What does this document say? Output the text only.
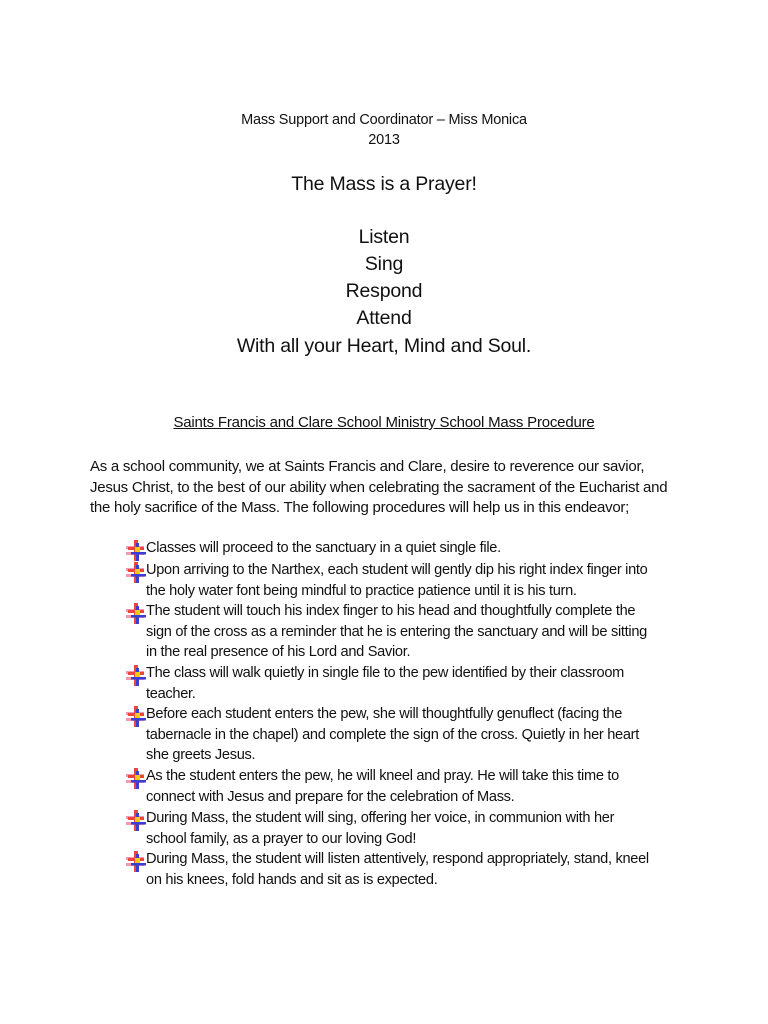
Mass Support and Coordinator – Miss Monica
2013
The Mass is a Prayer!
Listen
Sing
Respond
Attend
With all your Heart, Mind and Soul.
Saints Francis and Clare School Ministry School Mass Procedure
As a school community, we at Saints Francis and Clare, desire to reverence our savior,
Jesus Christ, to the best of our ability when celebrating the sacrament of the Eucharist and
the holy sacrifice of the Mass. The following procedures will help us in this endeavor;
Classes will proceed to the sanctuary in a quiet single file.
Upon arriving to the Narthex, each student will gently dip his right index finger into
the holy water font being mindful to practice patience until it is his turn.
The student will touch his index finger to his head and thoughtfully complete the
sign of the cross as a reminder that he is entering the sanctuary and will be sitting
in the real presence of his Lord and Savior.
The class will walk quietly in single file to the pew identified by their classroom
teacher.
Before each student enters the pew, she will thoughtfully genuflect (facing the
tabernacle in the chapel) and complete the sign of the cross. Quietly in her heart
she greets Jesus.
As the student enters the pew, he will kneel and pray. He will take this time to
connect with Jesus and prepare for the celebration of Mass.
During Mass, the student will sing, offering her voice, in communion with her
school family, as a prayer to our loving God!
During Mass, the student will listen attentively, respond appropriately, stand, kneel
on his knees, fold hands and sit as is expected.
